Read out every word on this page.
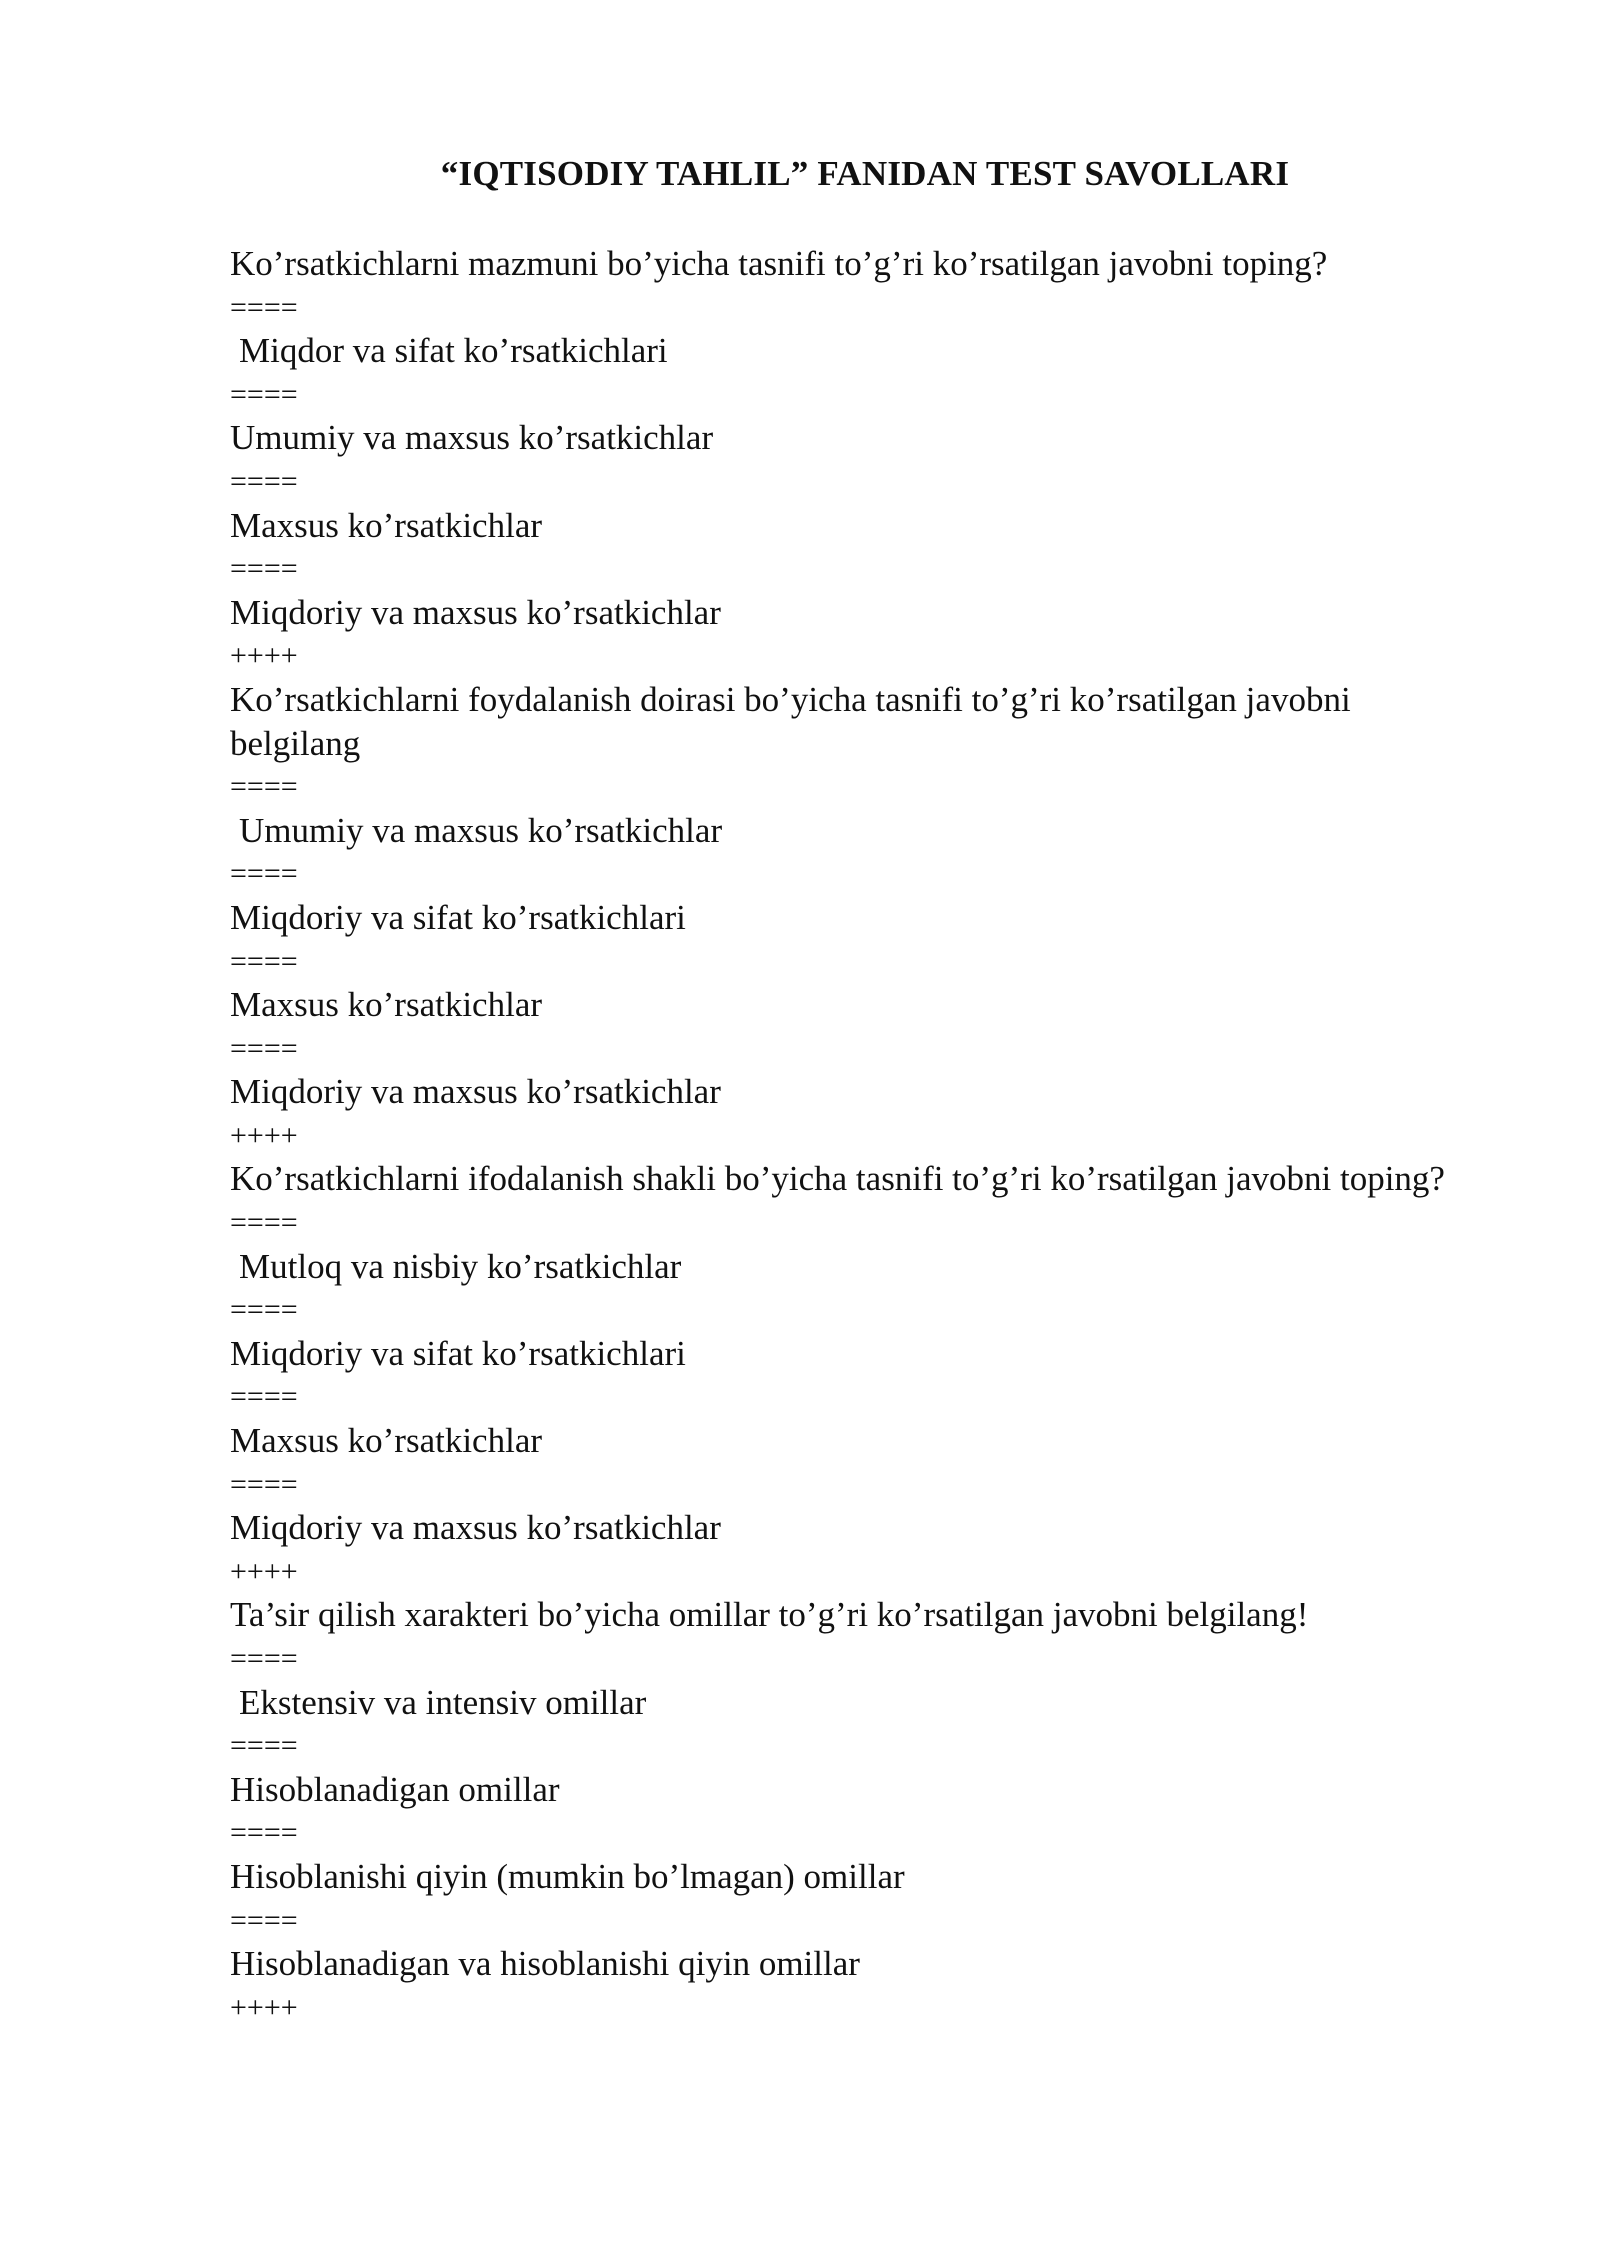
“IQTISODIY TAHLIL” FANIDAN TEST SAVOLLARI
Ko’rsatkichlarni mazmuni bo’yicha tasnifi to’g’ri ko’rsatilgan javobni toping?
====
Miqdor va sifat ko’rsatkichlari
====
Umumiy va maxsus ko’rsatkichlar
====
Maxsus ko’rsatkichlar
====
Miqdoriy va maxsus ko’rsatkichlar
++++
Ko’rsatkichlarni foydalanish doirasi bo’yicha tasnifi to’g’ri ko’rsatilgan javobni belgilang
====
Umumiy va maxsus ko’rsatkichlar
====
Miqdoriy va sifat ko’rsatkichlari
====
Maxsus ko’rsatkichlar
====
Miqdoriy va maxsus ko’rsatkichlar
++++
Ko’rsatkichlarni ifodalanish shakli bo’yicha tasnifi to’g’ri ko’rsatilgan javobni toping?
====
Mutloq va nisbiy ko’rsatkichlar
====
Miqdoriy va sifat ko’rsatkichlari
====
Maxsus ko’rsatkichlar
====
Miqdoriy va maxsus ko’rsatkichlar
++++
Ta’sir qilish xarakteri bo’yicha omillar to’g’ri ko’rsatilgan javobni belgilang!
====
Ekstensiv va intensiv omillar
====
Hisoblanadigan omillar
====
Hisoblanishi qiyin (mumkin bo’lmagan) omillar
====
Hisoblanadigan va hisoblanishi qiyin omillar
++++
